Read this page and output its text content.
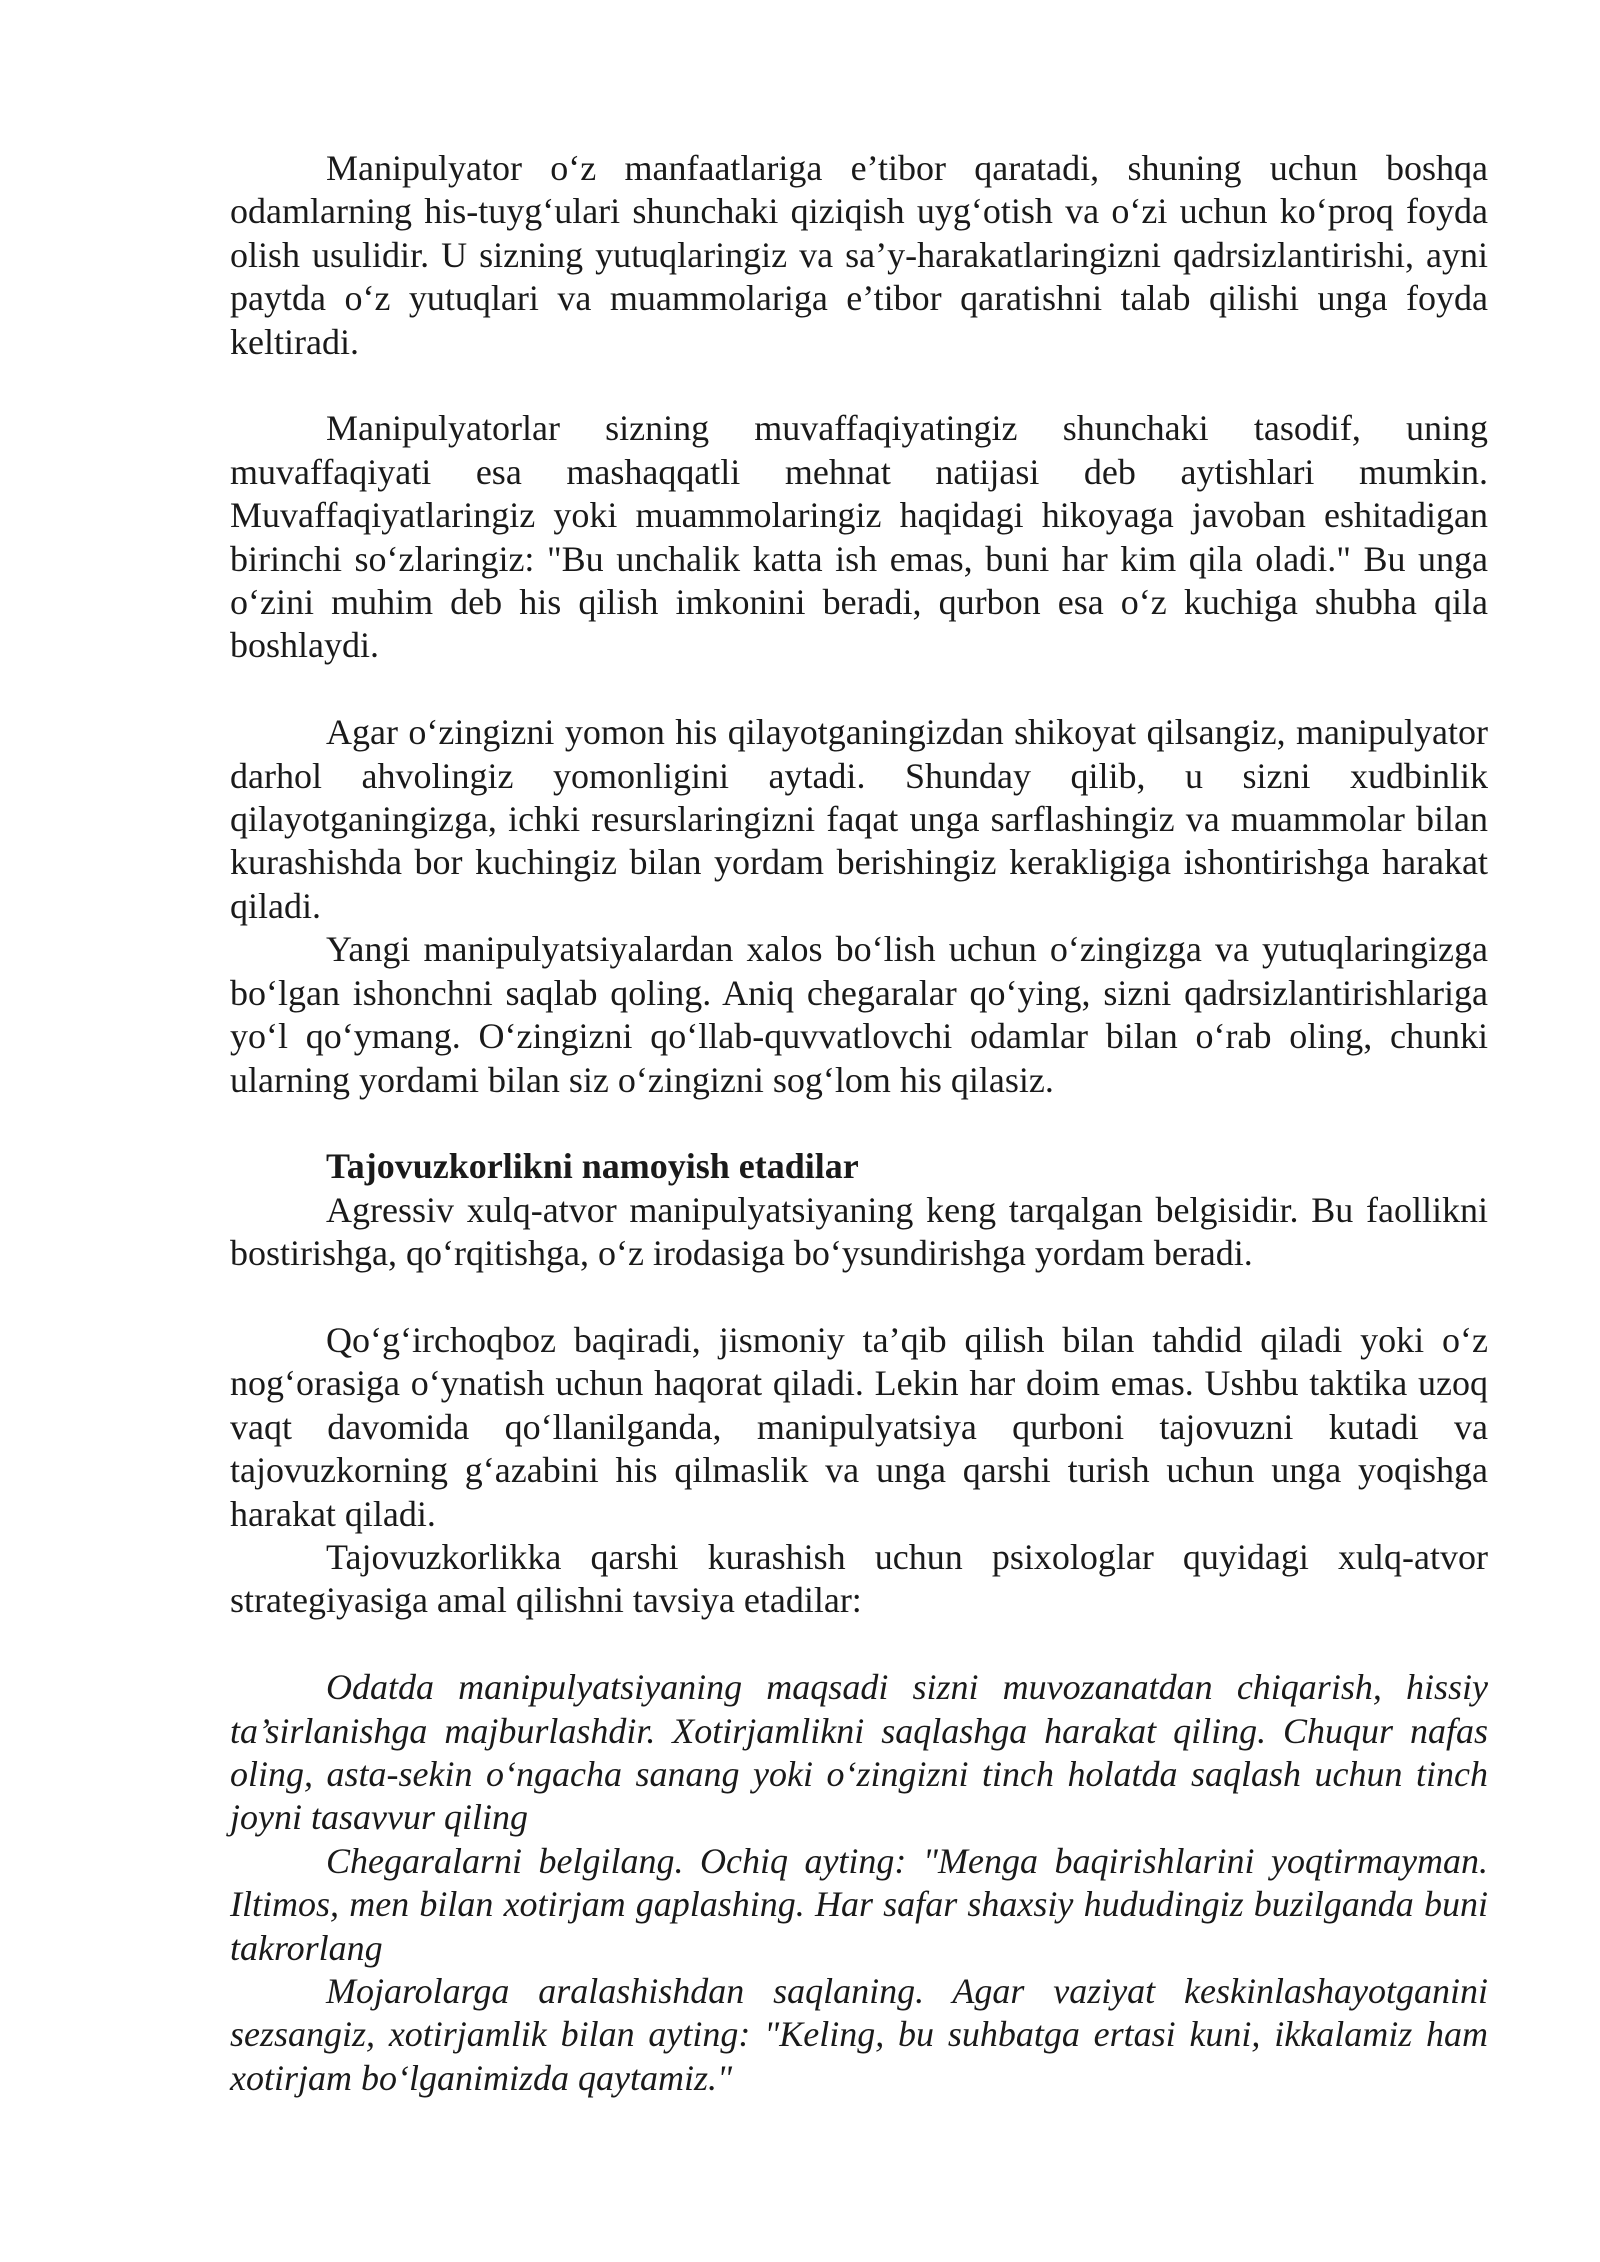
Manipulyator o‘z manfaatlariga e’tibor qaratadi, shuning uchun boshqa odamlarning his-tuyg‘ulari shunchaki qiziqish uyg‘otish va o‘zi uchun ko‘proq foyda olish usulidir. U sizning yutuqlaringiz va sa’y-harakatlaringizni qadrsizlantirishi, ayni paytda o‘z yutuqlari va muammolariga e’tibor qaratishni talab qilishi unga foyda keltiradi.

Manipulyatorlar sizning muvaffaqiyatingiz shunchaki tasodif, uning muvaffaqiyati esa mashaqqatli mehnat natijasi deb aytishlari mumkin. Muvaffaqiyatlaringiz yoki muammolaringiz haqidagi hikoyaga javoban eshitadigan birinchi so‘zlaringiz: "Bu unchalik katta ish emas, buni har kim qila oladi." Bu unga o‘zini muhim deb his qilish imkonini beradi, qurbon esa o‘z kuchiga shubha qila boshlaydi.

Agar o‘zingizni yomon his qilayotganingizdan shikoyat qilsangiz, manipulyator darhol ahvolingiz yomonligini aytadi. Shunday qilib, u sizni xudbinlik qilayotganingizga, ichki resurslaringizni faqat unga sarflashingiz va muammolar bilan kurashishda bor kuchingiz bilan yordam berishingiz kerakligiga ishontirishga harakat qiladi.

Yangi manipulyatsiyalardan xalos bo‘lish uchun o‘zingizga va yutuqlaringizga bo‘lgan ishonchni saqlab qoling. Aniq chegaralar qo‘ying, sizni qadrsizlantirishlariga yo‘l qo‘ymang. O‘zingizni qo‘llab-quvvatlovchi odamlar bilan o‘rab oling, chunki ularning yordami bilan siz o‘zingizni sog‘lom his qilasiz.

Tajovuzkorlikni namoyish etadilar

Agressiv xulq-atvor manipulyatsiyaning keng tarqalgan belgisidir. Bu faollikni bostirishga, qo‘rqitishga, o‘z irodasiga bo‘ysundirishga yordam beradi.

Qo‘g‘irchoqboz baqiradi, jismoniy ta’qib qilish bilan tahdid qiladi yoki o‘z nog‘orasiga o‘ynatish uchun haqorat qiladi. Lekin har doim emas. Ushbu taktika uzoq vaqt davomida qo‘llanilganda, manipulyatsiya qurboni tajovuzni kutadi va tajovuzkorning g‘azabini his qilmaslik va unga qarshi turish uchun unga yoqishga harakat qiladi.

Tajovuzkorlikka qarshi kurashish uchun psixologlar quyidagi xulq-atvor strategiyasiga amal qilishni tavsiya etadilar:

Odatda manipulyatsiyaning maqsadi sizni muvozanatdan chiqarish, hissiy ta’sirlanishga majburlashdir. Xotirjamlikni saqlashga harakat qiling. Chuqur nafas oling, asta-sekin o‘ngacha sanang yoki o‘zingizni tinch holatda saqlash uchun tinch joyni tasavvur qiling

Chegaralarni belgilang. Ochiq ayting: "Menga baqirishlarini yoqtirmayman. Iltimos, men bilan xotirjam gaplashing. Har safar shaxsiy hududingiz buzilganda buni takrorlang

Mojarolarga aralashishdan saqlaning. Agar vaziyat keskinlashayotganini sezsangiz, xotirjamlik bilan ayting: "Keling, bu suhbatga ertasi kuni, ikkalamiz ham xotirjam bo‘lganimizda qaytamiz."
